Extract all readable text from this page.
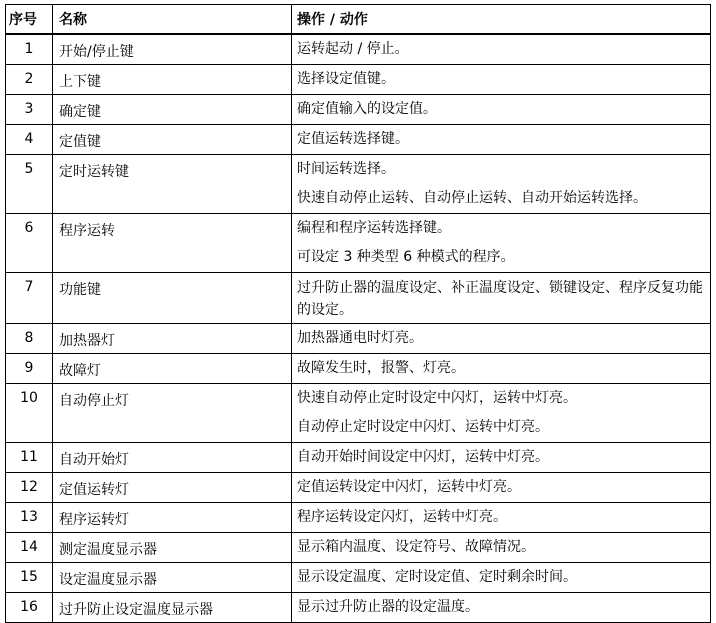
序号	名称	操作 / 动作
1	开始/停止键	运转起动 / 停止。

2	上下键	选择设定值键。

3	确定键	确定值输入的设定值。

4	定值键	定值运转选择键。

5	定时运转键	时间运转选择。
快速自动停止运转、自动停止运转、自动开始运转选择。

6	程序运转	编程和程序运转选择键。
可设定 3 种类型 6 种模式的程序。

7	功能键	过升防止器的温度设定、补正温度设定、锁键设定、程序反复功能的设定。

8	加热器灯	加热器通电时灯亮。

9	故障灯	故障发生时，报警、灯亮。

10	自动停止灯	快速自动停止定时设定中闪灯，运转中灯亮。
自动停止定时设定中闪灯、运转中灯亮。

11	自动开始灯	自动开始时间设定中闪灯，运转中灯亮。

12	定值运转灯	定值运转设定中闪灯，运转中灯亮。

13	程序运转灯	程序运转设定闪灯，运转中灯亮。

14	测定温度显示器	显示箱内温度、设定符号、故障情况。

15	设定温度显示器	显示设定温度、定时设定值、定时剩余时间。

16	过升防止设定温度显示器	显示过升防止器的设定温度。
